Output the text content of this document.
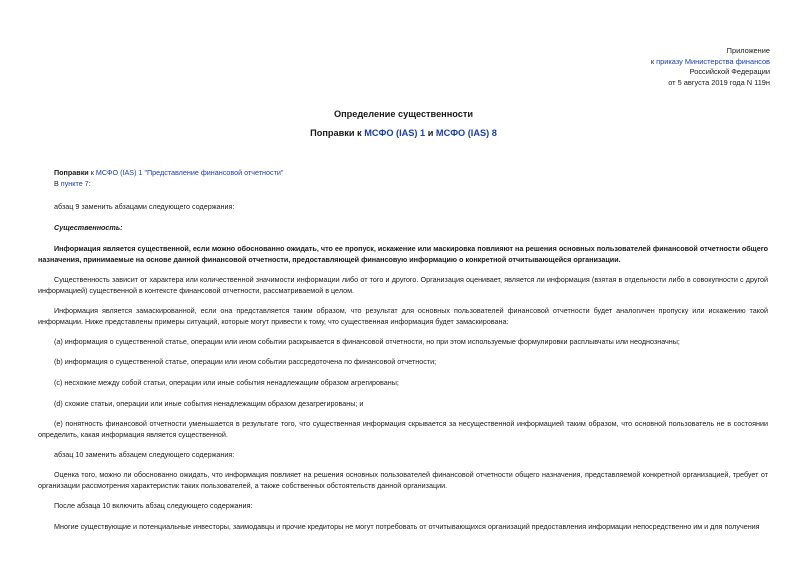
Приложение
к приказу Министерства финансов
Российской Федерации
от 5 августа 2019 года N 119н
Определение существенности
Поправки к МСФО (IAS) 1 и МСФО (IAS) 8

Поправки к МСФО (IAS) 1 "Представление финансовой отчетности"

В пункте 7:

абзац 9 заменить абзацами следующего содержания:

Существенность:

Информация является существенной, если можно обоснованно ожидать, что ее пропуск, искажение или маскировка повлияют на решения основных пользователей финансовой отчетности общего назначения, принимаемые на основе данной финансовой отчетности, предоставляющей финансовую информацию о конкретной отчитывающейся организации.

Существенность зависит от характера или количественной значимости информации либо от того и другого. Организация оценивает, является ли информация (взятая в отдельности либо в совокупности с другой информацией) существенной в контексте финансовой отчетности, рассматриваемой в целом.

Информация является замаскированной, если она представляется таким образом, что результат для основных пользователей финансовой отчетности будет аналогичен пропуску или искажению такой информации. Ниже представлены примеры ситуаций, которые могут привести к тому, что существенная информация будет замаскирована:

(a) информация о существенной статье, операции или ином событии раскрывается в финансовой отчетности, но при этом используемые формулировки расплывчаты или неоднозначны;

(b) информация о существенной статье, операции или ином событии рассредоточена по финансовой отчетности;

(c) несхожие между собой статьи, операции или иные события ненадлежащим образом агрегированы;

(d) схожие статьи, операции или иные события ненадлежащим образом дезагрегированы; и

(e) понятность финансовой отчетности уменьшается в результате того, что существенная информация скрывается за несущественной информацией таким образом, что основной пользователь не в состоянии определить, какая информация является существенной.

абзац 10 заменить абзацем следующего содержания:

Оценка того, можно ли обоснованно ожидать, что информация повлияет на решения основных пользователей финансовой отчетности общего назначения, представляемой конкретной организацией, требует от организации рассмотрения характеристик таких пользователей, а также собственных обстоятельств данной организации.

После абзаца 10 включить абзац следующего содержания:

Многие существующие и потенциальные инвесторы, заимодавцы и прочие кредиторы не могут потребовать от отчитывающихся организаций предоставления информации непосредственно им и для получения
